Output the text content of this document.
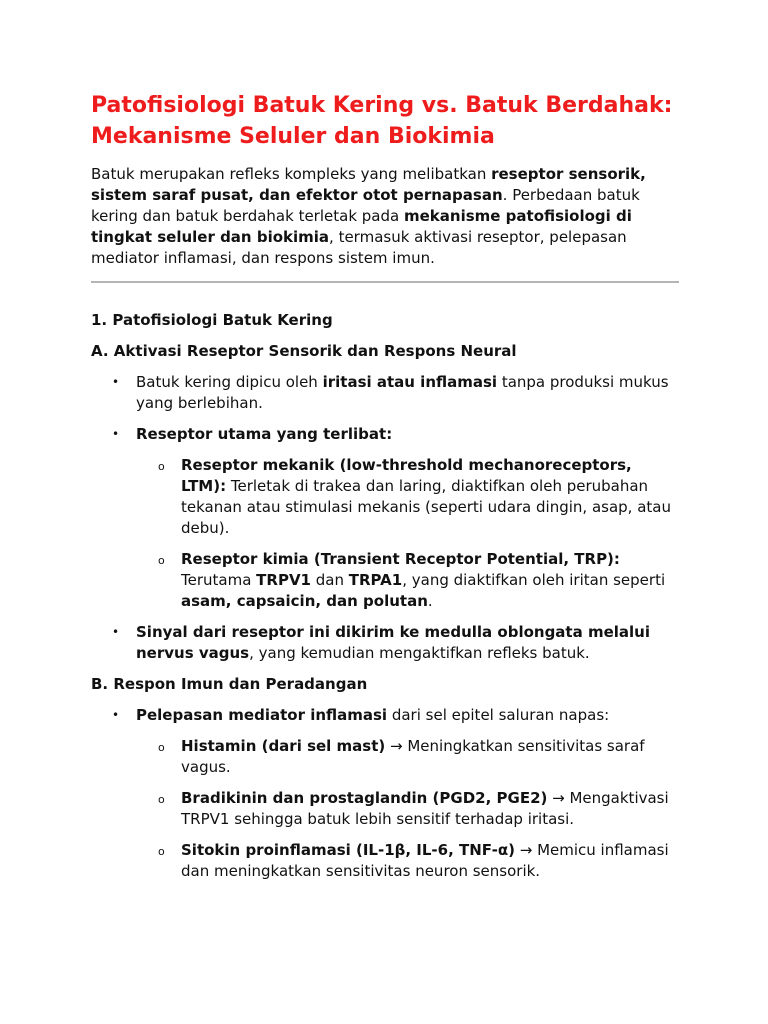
Patofisiologi Batuk Kering vs. Batuk Berdahak: Mekanisme Seluler dan Biokimia

Batuk merupakan refleks kompleks yang melibatkan reseptor sensorik, sistem saraf pusat, dan efektor otot pernapasan. Perbedaan batuk kering dan batuk berdahak terletak pada mekanisme patofisiologi di tingkat seluler dan biokimia, termasuk aktivasi reseptor, pelepasan mediator inflamasi, dan respons sistem imun.

1. Patofisiologi Batuk Kering
A. Aktivasi Reseptor Sensorik dan Respons Neural
• Batuk kering dipicu oleh iritasi atau inflamasi tanpa produksi mukus yang berlebihan.
• Reseptor utama yang terlibat:
o Reseptor mekanik (low-threshold mechanoreceptors, LTM): Terletak di trakea dan laring, diaktifkan oleh perubahan tekanan atau stimulasi mekanis (seperti udara dingin, asap, atau debu).
o Reseptor kimia (Transient Receptor Potential, TRP): Terutama TRPV1 dan TRPA1, yang diaktifkan oleh iritan seperti asam, capsaicin, dan polutan.
• Sinyal dari reseptor ini dikirim ke medulla oblongata melalui nervus vagus, yang kemudian mengaktifkan refleks batuk.
B. Respon Imun dan Peradangan
• Pelepasan mediator inflamasi dari sel epitel saluran napas:
o Histamin (dari sel mast) → Meningkatkan sensitivitas saraf vagus.
o Bradikinin dan prostaglandin (PGD2, PGE2) → Mengaktivasi TRPV1 sehingga batuk lebih sensitif terhadap iritasi.
o Sitokin proinflamasi (IL-1β, IL-6, TNF-α) → Memicu inflamasi dan meningkatkan sensitivitas neuron sensorik.
